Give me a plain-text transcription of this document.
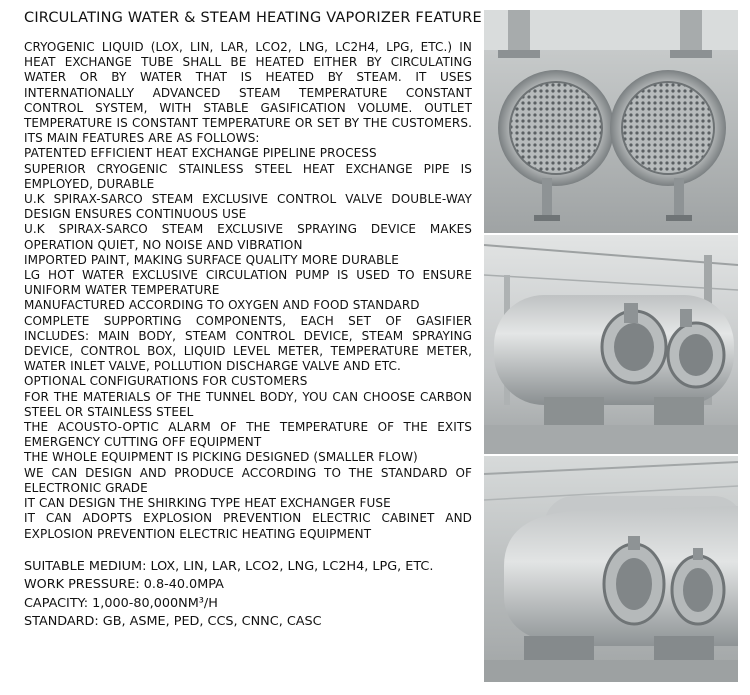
CIRCULATING WATER & STEAM HEATING VAPORIZER FEATURE

CRYOGENIC LIQUID (LOX, LIN, LAR, LCO2, LNG, LC2H4, LPG, ETC.) IN HEAT EXCHANGE TUBE SHALL BE HEATED EITHER BY CIRCULATING WATER OR BY WATER THAT IS HEATED BY STEAM. IT USES INTERNATIONALLY ADVANCED STEAM TEMPERATURE CONSTANT CONTROL SYSTEM, WITH STABLE GASIFICATION VOLUME. OUTLET TEMPERATURE IS CONSTANT TEMPERATURE OR SET BY THE CUSTOMERS. ITS MAIN FEATURES ARE AS FOLLOWS:

PATENTED EFFICIENT HEAT EXCHANGE PIPELINE PROCESS

SUPERIOR CRYOGENIC STAINLESS STEEL HEAT EXCHANGE PIPE IS EMPLOYED, DURABLE

U.K SPIRAX-SARCO STEAM EXCLUSIVE CONTROL VALVE DOUBLE-WAY DESIGN ENSURES CONTINUOUS USE

U.K SPIRAX-SARCO STEAM EXCLUSIVE SPRAYING DEVICE MAKES OPERATION QUIET, NO NOISE AND VIBRATION

IMPORTED PAINT, MAKING SURFACE QUALITY MORE DURABLE

LG HOT WATER EXCLUSIVE CIRCULATION PUMP IS USED TO ENSURE UNIFORM WATER TEMPERATURE

MANUFACTURED ACCORDING TO OXYGEN AND FOOD STANDARD

COMPLETE SUPPORTING COMPONENTS, EACH SET OF GASIFIER INCLUDES: MAIN BODY, STEAM CONTROL DEVICE, STEAM SPRAYING DEVICE, CONTROL BOX, LIQUID LEVEL METER, TEMPERATURE METER, WATER INLET VALVE, POLLUTION DISCHARGE VALVE AND ETC.

OPTIONAL CONFIGURATIONS FOR CUSTOMERS

FOR THE MATERIALS OF THE TUNNEL BODY, YOU CAN CHOOSE CARBON STEEL OR STAINLESS STEEL

THE ACOUSTO-OPTIC ALARM OF THE TEMPERATURE OF THE EXITS EMERGENCY CUTTING OFF EQUIPMENT

THE WHOLE EQUIPMENT IS PICKING DESIGNED (SMALLER FLOW)

WE CAN DESIGN AND PRODUCE ACCORDING TO THE STANDARD OF ELECTRONIC GRADE

IT CAN DESIGN THE SHIRKING TYPE HEAT EXCHANGER FUSE

IT CAN ADOPTS EXPLOSION PREVENTION ELECTRIC CABINET AND EXPLOSION PREVENTION ELECTRIC HEATING EQUIPMENT

SUITABLE MEDIUM: LOX, LIN, LAR, LCO2, LNG, LC2H4, LPG, ETC.
WORK PRESSURE: 0.8-40.0MPA
CAPACITY: 1,000-80,000NM³/H
STANDARD: GB, ASME, PED, CCS, CNNC, CASC
